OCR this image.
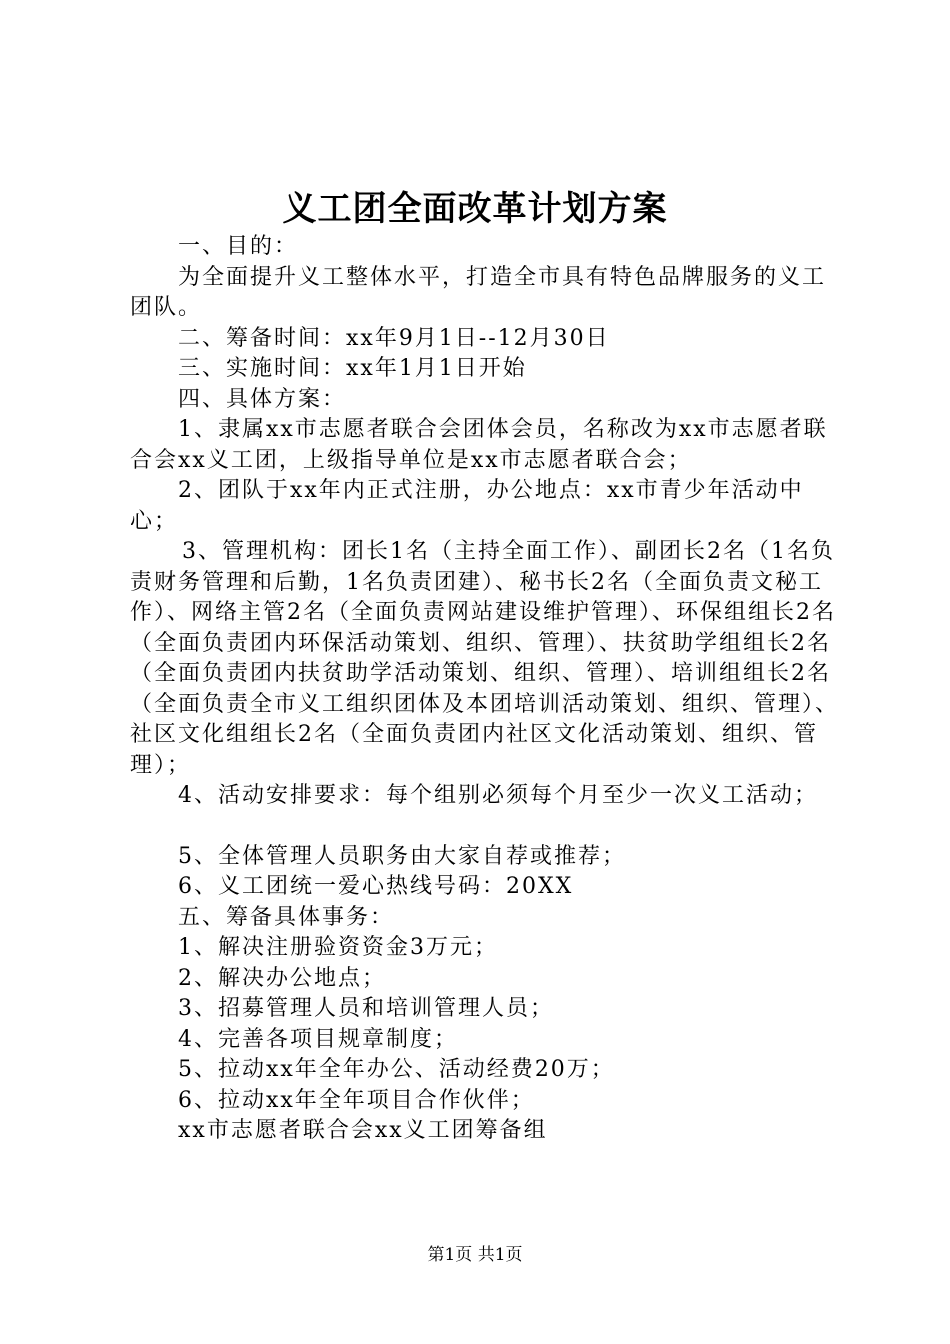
义工团全面改革计划方案

一、目的：

为全面提升义工整体水平，打造全市具有特色品牌服务的义工团队。

二、筹备时间：xx年9月1日--12月30日

三、实施时间：xx年1月1日开始

四、具体方案：

1、隶属xx市志愿者联合会团体会员，名称改为xx市志愿者联合会xx义工团，上级指导单位是xx市志愿者联合会；

2、团队于xx年内正式注册，办公地点：xx市青少年活动中心；

3、管理机构：团长1名（主持全面工作）、副团长2名（1名负责财务管理和后勤，1名负责团建）、秘书长2名（全面负责文秘工作）、网络主管2名（全面负责网站建设维护管理）、环保组组长2名（全面负责团内环保活动策划、组织、管理）、扶贫助学组组长2名（全面负责团内扶贫助学活动策划、组织、管理）、培训组组长2名（全面负责全市义工组织团体及本团培训活动策划、组织、管理）、社区文化组组长2名（全面负责团内社区文化活动策划、组织、管理）；

4、活动安排要求：每个组别必须每个月至少一次义工活动；

5、全体管理人员职务由大家自荐或推荐；

6、义工团统一爱心热线号码：20XX

五、筹备具体事务：

1、解决注册验资资金3万元；

2、解决办公地点；

3、招募管理人员和培训管理人员；

4、完善各项目规章制度；

5、拉动xx年全年办公、活动经费20万；

6、拉动xx年全年项目合作伙伴；

xx市志愿者联合会xx义工团筹备组

第1页 共1页
